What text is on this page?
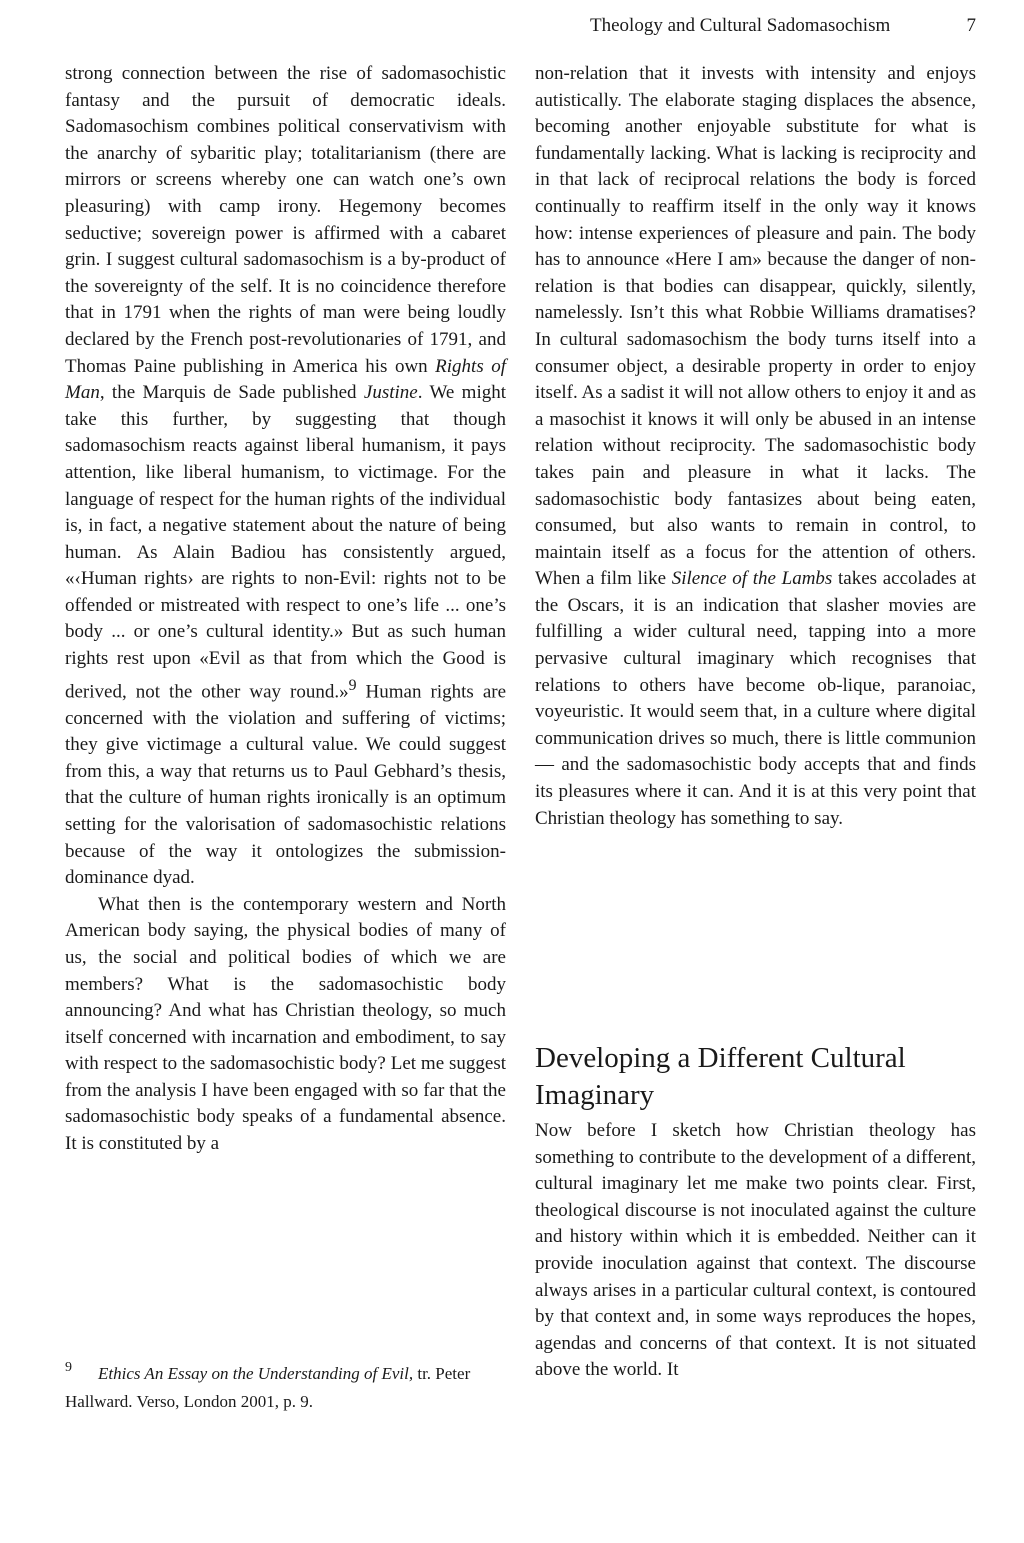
Theology and Cultural Sadomasochism	7

strong connection between the rise of sadomasochistic fantasy and the pursuit of democratic ideals. Sadomasochism combines political conservativism with the anarchy of sybaritic play; totalitarianism (there are mirrors or screens whereby one can watch one’s own pleasuring) with camp irony. Hegemony becomes seductive; sovereign power is affirmed with a cabaret grin. I suggest cultural sadomasochism is a by-product of the sovereignty of the self. It is no coincidence therefore that in 1791 when the rights of man were being loudly declared by the French post-revolutionaries of 1791, and Thomas Paine publishing in America his own Rights of Man, the Marquis de Sade published Justine. We might take this further, by suggesting that though sadomasochism reacts against liberal humanism, it pays attention, like liberal humanism, to victimage. For the language of respect for the human rights of the individual is, in fact, a negative statement about the nature of being human. As Alain Badiou has consistently argued, «‹Human rights› are rights to non-Evil: rights not to be offended or mistreated with respect to one’s life ... one’s body ... or one’s cultural identity.» But as such human rights rest upon «Evil as that from which the Good is derived, not the other way round.»$^9$ Human rights are concerned with the violation and suffering of victims; they give victimage a cultural value. We could suggest from this, a way that returns us to Paul Gebhard’s thesis, that the culture of human rights ironically is an optimum setting for the valorisation of sadomasochistic relations because of the way it ontologizes the submission-dominance dyad.

What then is the contemporary western and North American body saying, the physical bodies of many of us, the social and political bodies of which we are members? What is the sadomasochistic body announcing? And what has Christian theology, so much itself concerned with incarnation and embodiment, to say with respect to the sadomasochistic body? Let me suggest from the analysis I have been engaged with so far that the sadomasochistic body speaks of a fundamental absence. It is constituted by a

$^9$ Ethics An Essay on the Understanding of Evil, tr. Peter Hallward. Verso, London 2001, p. 9.

non-relation that it invests with intensity and enjoys autistically. The elaborate staging displaces the absence, becoming another enjoyable substitute for what is fundamentally lacking. What is lacking is reciprocity and in that lack of reciprocal relations the body is forced continually to reaffirm itself in the only way it knows how: intense experiences of pleasure and pain. The body has to announce «Here I am» because the danger of non-relation is that bodies can disappear, quickly, silently, namelessly. Isn’t this what Robbie Williams dramatises? In cultural sadomasochism the body turns itself into a consumer object, a desirable property in order to enjoy itself. As a sadist it will not allow others to enjoy it and as a masochist it knows it will only be abused in an intense relation without reciprocity. The sadomasochistic body takes pain and pleasure in what it lacks. The sadomasochistic body fantasizes about being eaten, consumed, but also wants to remain in control, to maintain itself as a focus for the attention of others. When a film like Silence of the Lambs takes accolades at the Oscars, it is an indication that slasher movies are fulfilling a wider cultural need, tapping into a more pervasive cultural imaginary which recognises that relations to others have become ob-lique, paranoiac, voyeuristic. It would seem that, in a culture where digital communication drives so much, there is little communion — and the sadomasochistic body accepts that and finds its pleasures where it can. And it is at this very point that Christian theology has something to say.

Developing a Different Cultural Imaginary

Now before I sketch how Christian theology has something to contribute to the development of a different, cultural imaginary let me make two points clear. First, theological discourse is not inoculated against the culture and history within which it is embedded. Neither can it provide inoculation against that context. The discourse always arises in a particular cultural context, is contoured by that context and, in some ways reproduces the hopes, agendas and concerns of that context. It is not situated above the world. It
